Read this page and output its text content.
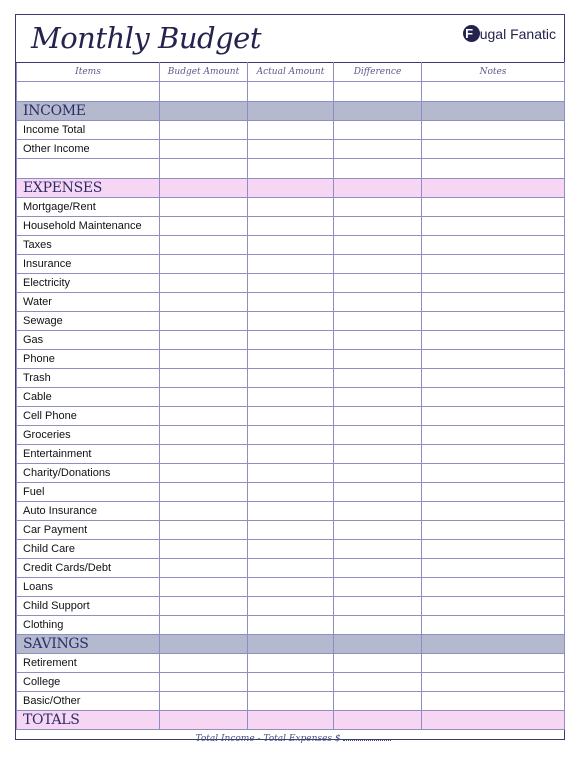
Monthly Budget	F rugal Fanatic
Items	Budget Amount	Actual Amount	Difference	Notes

INCOME				
Income Total				
Other Income				

EXPENSES				
Mortgage/Rent				
Household Maintenance				
Taxes				
Insurance				
Electricity				
Water				
Sewage				
Gas				
Phone				
Trash				
Cable				
Cell Phone				
Groceries				
Entertainment				
Charity/Donations				
Fuel				
Auto Insurance				
Car Payment				
Child Care				
Credit Cards/Debt				
Loans				
Child Support				
Clothing				
SAVINGS				
Retirement				
College				
Basic/Other				
TOTALS				
Total Income - Total Expenses $				
